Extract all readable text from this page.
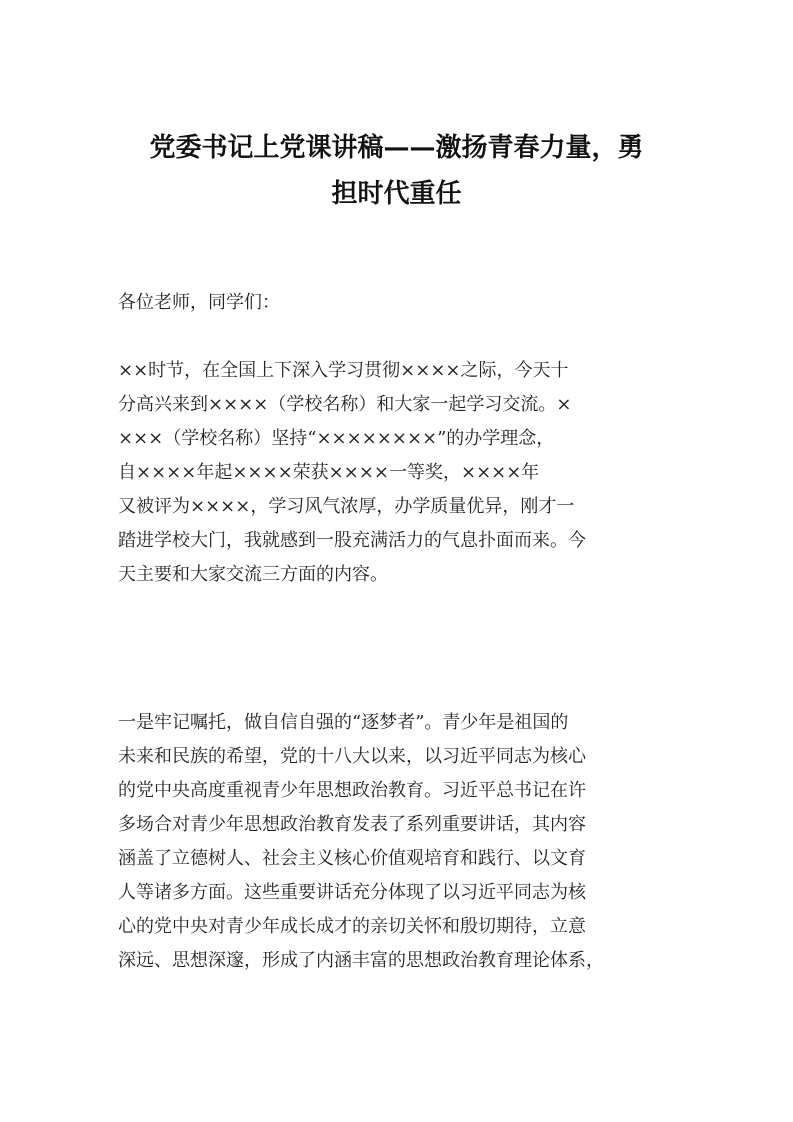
党委书记上党课讲稿——激扬青春力量，勇
担时代重任
各位老师，同学们：
××时节，在全国上下深入学习贯彻××××之际，今天十
分高兴来到××××（学校名称）和大家一起学习交流。×
×××（学校名称）坚持“××××××××”的办学理念，
自××××年起××××荣获××××一等奖，××××年
又被评为××××，学习风气浓厚，办学质量优异，刚才一
踏进学校大门，我就感到一股充满活力的气息扑面而来。今
天主要和大家交流三方面的内容。
一是牢记嘱托，做自信自强的“逐梦者”。青少年是祖国的
未来和民族的希望，党的十八大以来，以习近平同志为核心
的党中央高度重视青少年思想政治教育。习近平总书记在许
多场合对青少年思想政治教育发表了系列重要讲话，其内容
涵盖了立德树人、社会主义核心价值观培育和践行、以文育
人等诸多方面。这些重要讲话充分体现了以习近平同志为核
心的党中央对青少年成长成才的亲切关怀和殷切期待，立意
深远、思想深邃，形成了内涵丰富的思想政治教育理论体系，
